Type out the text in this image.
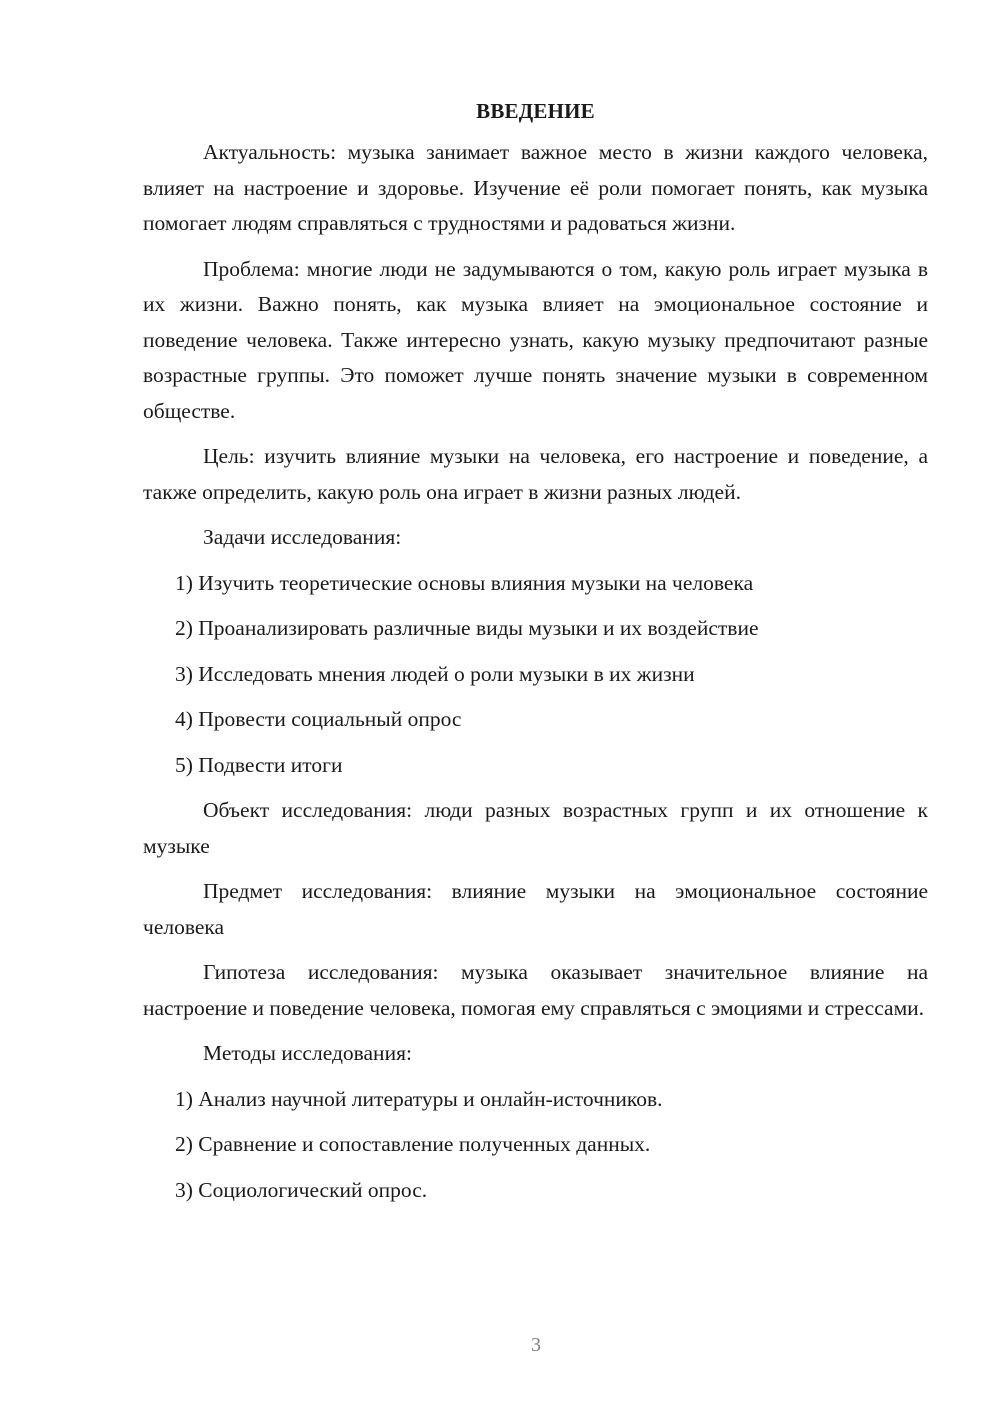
ВВЕДЕНИЕ

Актуальность: музыка занимает важное место в жизни каждого человека, влияет на настроение и здоровье. Изучение её роли помогает понять, как музыка помогает людям справляться с трудностями и радоваться жизни.

Проблема: многие люди не задумываются о том, какую роль играет музыка в их жизни. Важно понять, как музыка влияет на эмоциональное состояние и поведение человека. Также интересно узнать, какую музыку предпочитают разные возрастные группы. Это поможет лучше понять значение музыки в современном обществе.

Цель: изучить влияние музыки на человека, его настроение и поведение, а также определить, какую роль она играет в жизни разных людей.

Задачи исследования:

1) Изучить теоретические основы влияния музыки на человека
2) Проанализировать различные виды музыки и их воздействие
3) Исследовать мнения людей о роли музыки в их жизни
4) Провести социальный опрос
5) Подвести итоги

Объект исследования: люди разных возрастных групп и их отношение к музыке

Предмет исследования: влияние музыки на эмоциональное состояние человека

Гипотеза исследования: музыка оказывает значительное влияние на настроение и поведение человека, помогая ему справляться с эмоциями и стрессами.

Методы исследования:

1) Анализ научной литературы и онлайн-источников.
2) Сравнение и сопоставление полученных данных.
3) Социологический опрос.
3
